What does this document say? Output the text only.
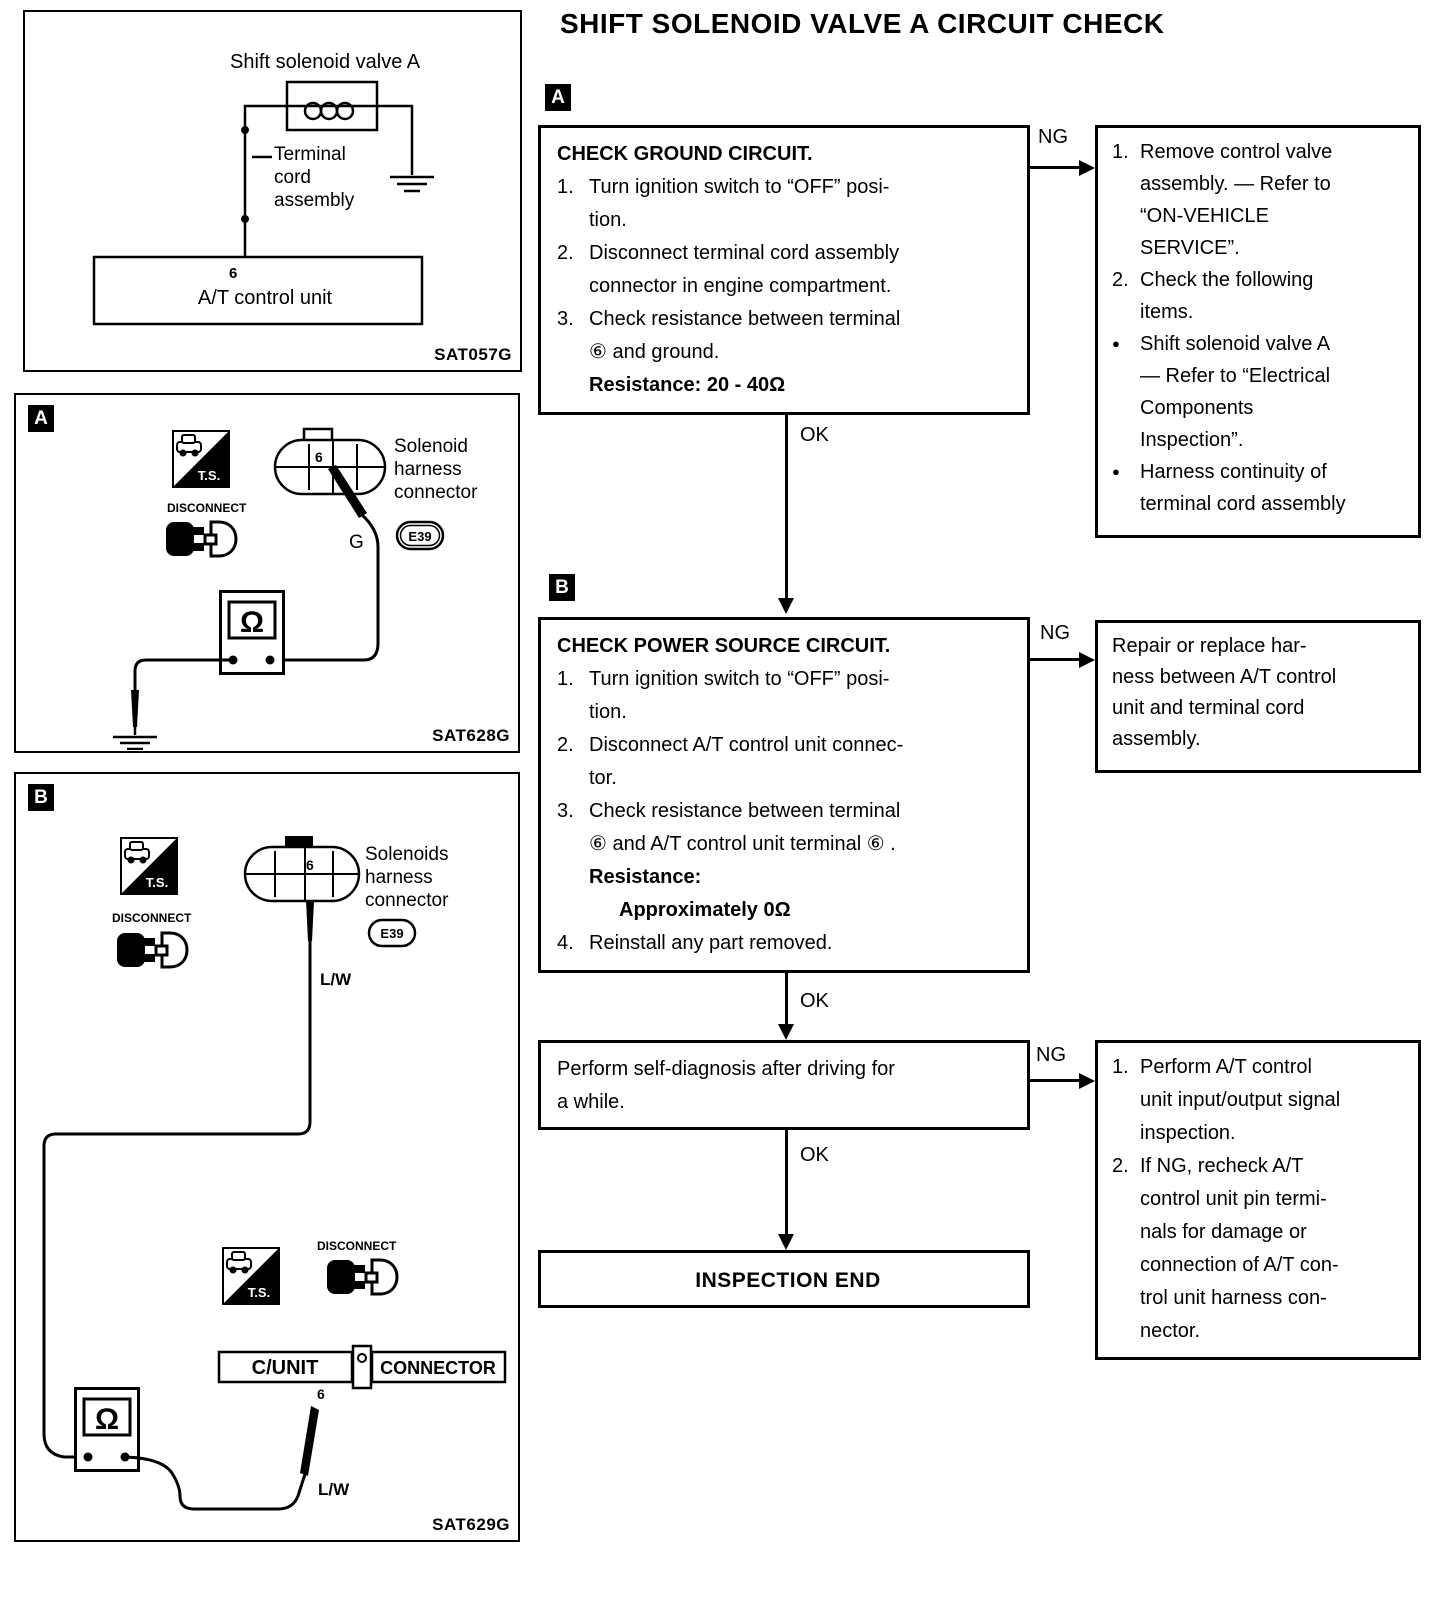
SHIFT SOLENOID VALVE A CIRCUIT CHECK
Shift solenoid valve A
Terminal
cord
assembly
6
A/T control unit
SAT057G
A
DISCONNECT
6
G
Solenoid
harness
connector
E39
SAT628G
B
DISCONNECT
6
L/W
Solenoids
harness
connector
E39
DISCONNECT
C/UNIT	CONNECTOR
6
L/W
SAT629G
A
CHECK GROUND CIRCUIT.
1. Turn ignition switch to “OFF” posi-
tion.
2. Disconnect terminal cord assembly
connector in engine compartment.
3. Check resistance between terminal
⑥ and ground.
Resistance: 20 - 40Ω
NG
1. Remove control valve
assembly. — Refer to
“ON-VEHICLE
SERVICE”.
2. Check the following
items.
●	Shift solenoid valve A
— Refer to “Electrical
Components
Inspection”.
●	Harness continuity of
terminal cord assembly
OK
B
CHECK POWER SOURCE CIRCUIT.
1. Turn ignition switch to “OFF” posi-
tion.
2. Disconnect A/T control unit connec-
tor.
3. Check resistance between terminal
⑥ and A/T control unit terminal ⑥ .
Resistance:
Approximately 0Ω
4. Reinstall any part removed.
NG
Repair or replace har-
ness between A/T control
unit and terminal cord
assembly.
OK
Perform self-diagnosis after driving for
a while.
NG
1. Perform A/T control
unit input/output signal
inspection.
2. If NG, recheck A/T
control unit pin termi-
nals for damage or
connection of A/T con-
trol unit harness con-
nector.
OK
INSPECTION END
